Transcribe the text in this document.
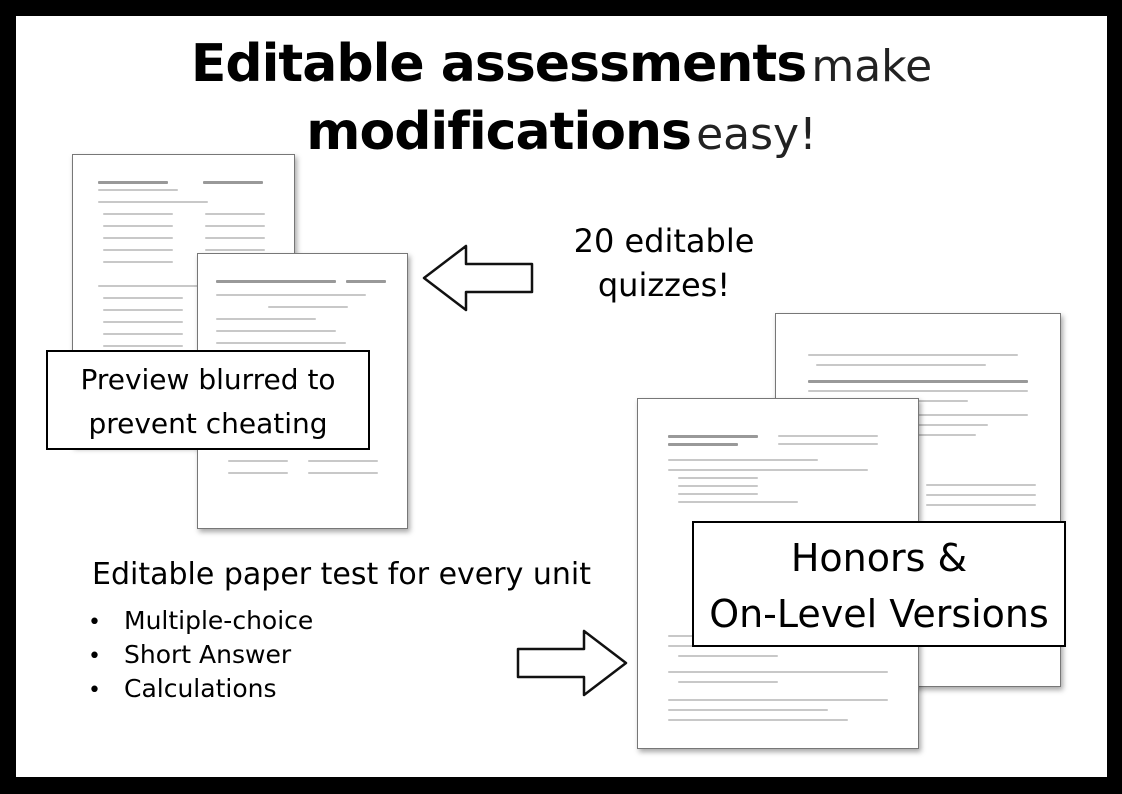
Editable assessments make
modifications easy!
Preview blurred to
prevent cheating
20 editable
quizzes!
Honors &
On-Level Versions
Editable paper test for every unit
• Multiple-choice
• Short Answer
• Calculations
